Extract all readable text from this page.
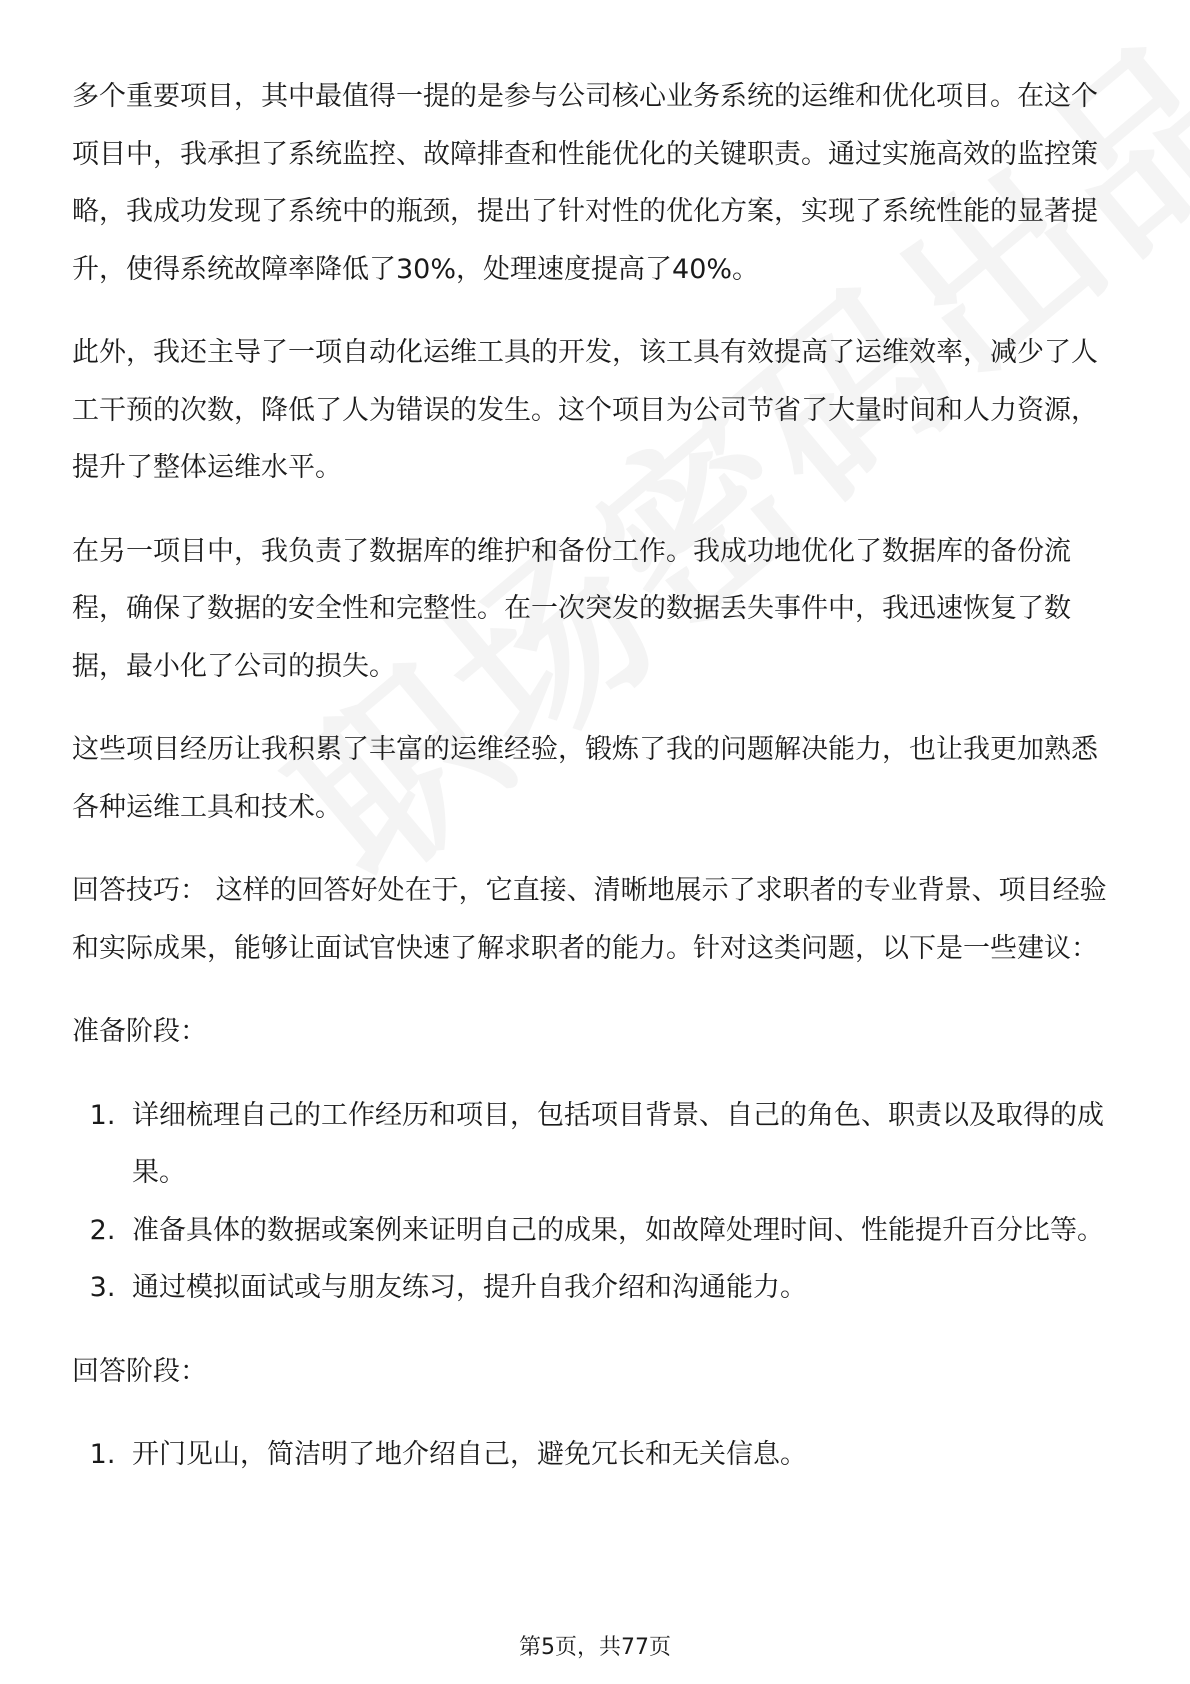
多个重要项目，其中最值得一提的是参与公司核心业务系统的运维和优化项目。在这个项目中，我承担了系统监控、故障排查和性能优化的关键职责。通过实施高效的监控策略，我成功发现了系统中的瓶颈，提出了针对性的优化方案，实现了系统性能的显著提升，使得系统故障率降低了30%，处理速度提高了40%。

此外，我还主导了一项自动化运维工具的开发，该工具有效提高了运维效率，减少了人工干预的次数，降低了人为错误的发生。这个项目为公司节省了大量时间和人力资源，提升了整体运维水平。

在另一项目中，我负责了数据库的维护和备份工作。我成功地优化了数据库的备份流程，确保了数据的安全性和完整性。在一次突发的数据丢失事件中，我迅速恢复了数据，最小化了公司的损失。

这些项目经历让我积累了丰富的运维经验，锻炼了我的问题解决能力，也让我更加熟悉各种运维工具和技术。

回答技巧： 这样的回答好处在于，它直接、清晰地展示了求职者的专业背景、项目经验和实际成果，能够让面试官快速了解求职者的能力。针对这类问题，以下是一些建议：

准备阶段：

1. 详细梳理自己的工作经历和项目，包括项目背景、自己的角色、职责以及取得的成果。
2. 准备具体的数据或案例来证明自己的成果，如故障处理时间、性能提升百分比等。
3. 通过模拟面试或与朋友练习，提升自我介绍和沟通能力。

回答阶段：

1. 开门见山，简洁明了地介绍自己，避免冗长和无关信息。
第5页，共77页
